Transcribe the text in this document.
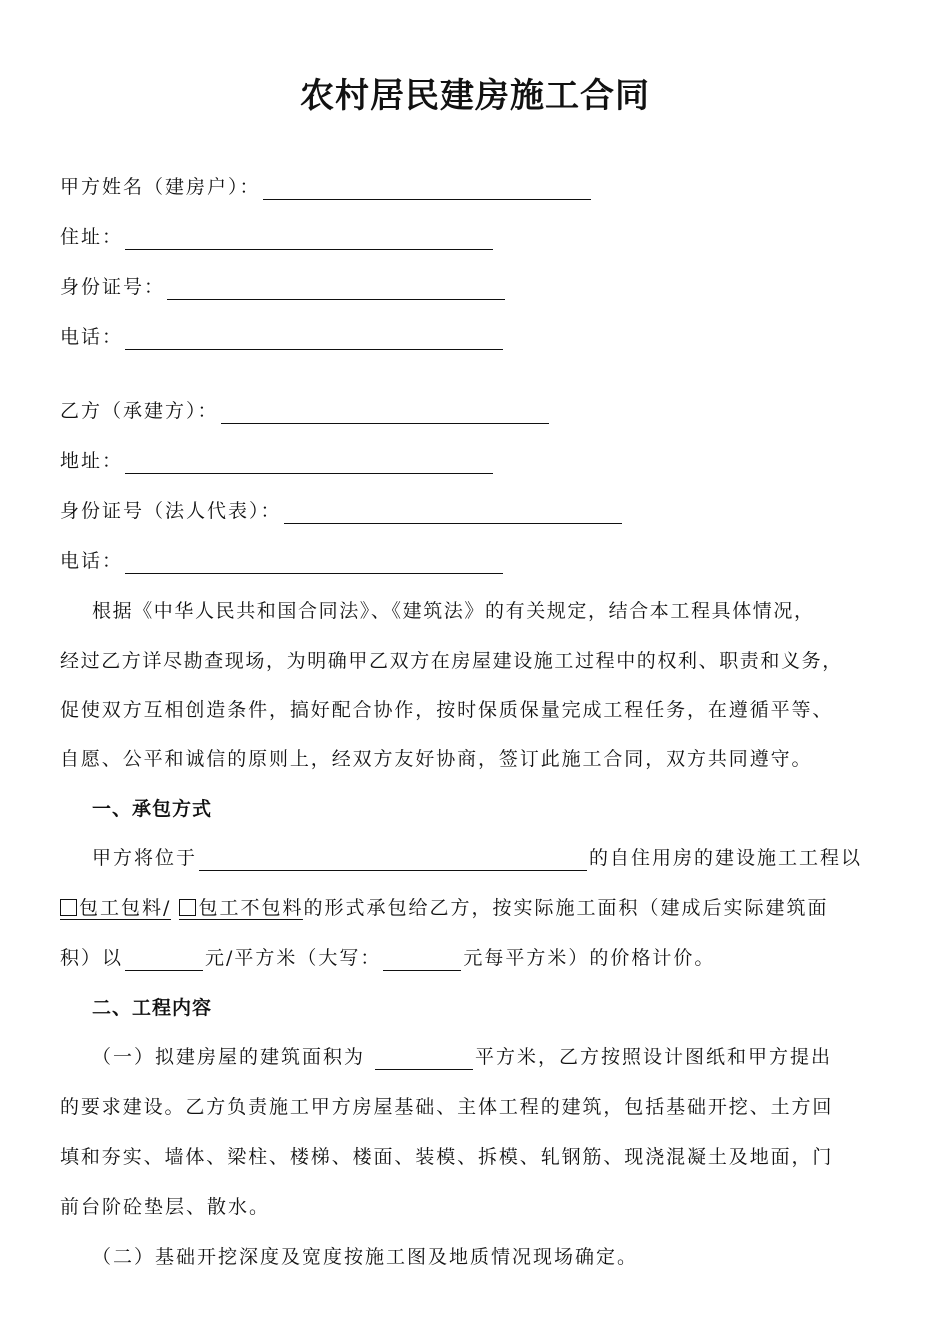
农村居民建房施工合同
甲方姓名（建房户）：
住址：
身份证号：
电话：
乙方（承建方）：
地址：
身份证号（法人代表）：
电话：
根据《中华人民共和国合同法》、《建筑法》的有关规定，结合本工程具体情况，
经过乙方详尽勘查现场，为明确甲乙双方在房屋建设施工过程中的权利、职责和义务，
促使双方互相创造条件，搞好配合协作，按时保质保量完成工程任务，在遵循平等、
自愿、公平和诚信的原则上，经双方友好协商，签订此施工合同，双方共同遵守。
一、承包方式
甲方将位于	的自住用房的建设施工工程以
包工包料/ 包工不包料的形式承包给乙方，按实际施工面积（建成后实际建筑面
积）以	元/平方米（大写：	元每平方米）的价格计价。
二、工程内容
（一）拟建房屋的建筑面积为	平方米，乙方按照设计图纸和甲方提出
的要求建设。乙方负责施工甲方房屋基础、主体工程的建筑，包括基础开挖、土方回
填和夯实、墙体、梁柱、楼梯、楼面、装模、拆模、轧钢筋、现浇混凝土及地面，门
前台阶砼垫层、散水。
（二）基础开挖深度及宽度按施工图及地质情况现场确定。
